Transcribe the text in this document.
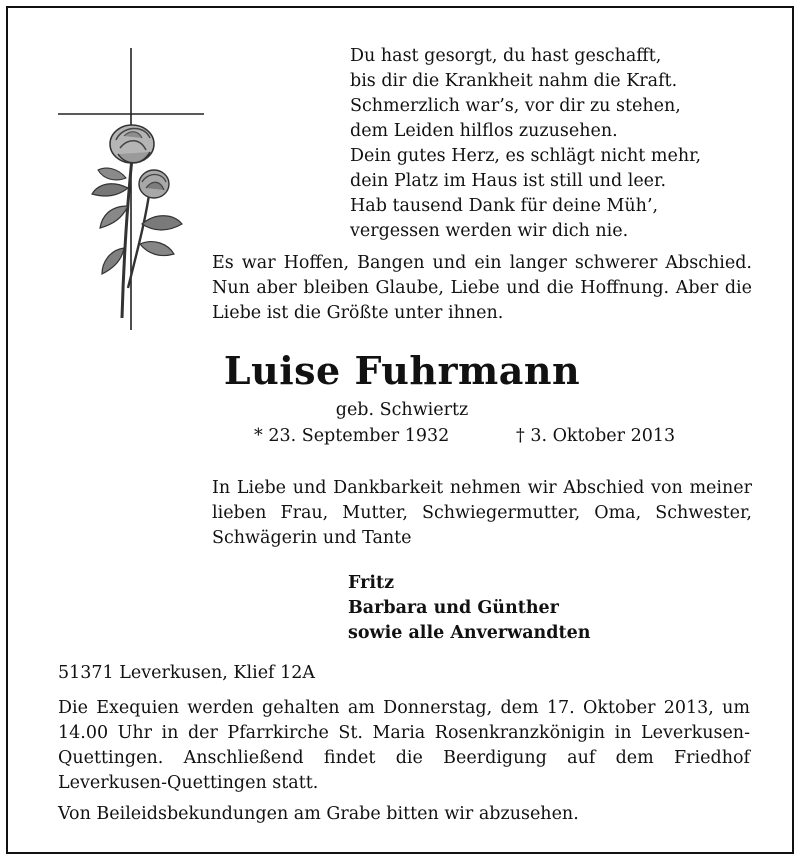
Du hast gesorgt, du hast geschafft,
bis dir die Krankheit nahm die Kraft.
Schmerzlich war’s, vor dir zu stehen,
dem Leiden hilflos zuzusehen.
Dein gutes Herz, es schlägt nicht mehr,
dein Platz im Haus ist still und leer.
Hab tausend Dank für deine Müh’,
vergessen werden wir dich nie.
Es war Hoffen, Bangen und ein langer schwerer Abschied. Nun aber bleiben Glaube, Liebe und die Hoffnung. Aber die Liebe ist die Größte unter ihnen.
Luise Fuhrmann
geb. Schwiertz
* 23. September 1932	† 3. Oktober 2013
In Liebe und Dankbarkeit nehmen wir Abschied von meiner lieben Frau, Mutter, Schwiegermutter, Oma, Schwester, Schwägerin und Tante
Fritz
Barbara und Günther
sowie alle Anverwandten
51371 Leverkusen, Klief 12A
Die Exequien werden gehalten am Donnerstag, dem 17. Oktober 2013, um 14.00 Uhr in der Pfarrkirche St. Maria Rosenkranzkönigin in Leverkusen-Quettingen. Anschließend findet die Beerdigung auf dem Friedhof Leverkusen-Quettingen statt.
Von Beileidsbekundungen am Grabe bitten wir abzusehen.
